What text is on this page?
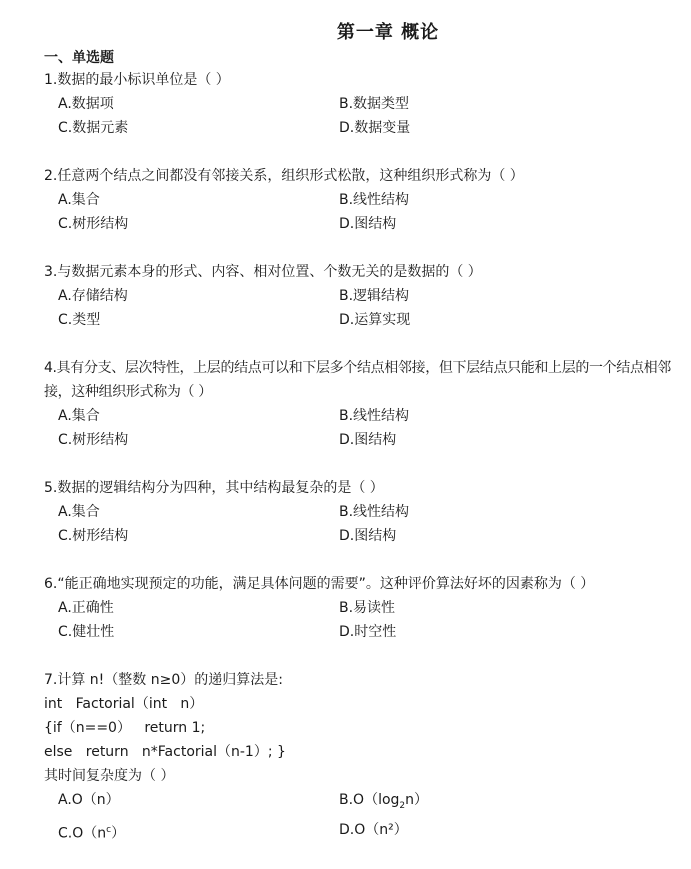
第一章 概论
一、单选题
1.数据的最小标识单位是（ ）
A.数据项	B.数据类型
C.数据元素	D.数据变量
2.任意两个结点之间都没有邻接关系，组织形式松散，这种组织形式称为（ ）
A.集合	B.线性结构
C.树形结构	D.图结构
3.与数据元素本身的形式、内容、相对位置、个数无关的是数据的（ ）
A.存储结构	B.逻辑结构
C.类型	D.运算实现
4.具有分支、层次特性，上层的结点可以和下层多个结点相邻接，但下层结点只能和上层的一个结点相邻接，这种组织形式称为（ ）
A.集合	B.线性结构
C.树形结构	D.图结构
5.数据的逻辑结构分为四种，其中结构最复杂的是（ ）
A.集合	B.线性结构
C.树形结构	D.图结构
6.“能正确地实现预定的功能，满足具体问题的需要”。这种评价算法好坏的因素称为（ ）
A.正确性	B.易读性
C.健壮性	D.时空性
7.计算 n!（整数 n≥0）的递归算法是:
int   Factorial（int   n）
{if（n==0）   return 1;
else   return   n*Factorial（n-1）; }
其时间复杂度为（ ）
A.O（n）	$B.O(\log_2n)$
$C.O(n^c)$	D.O（n²）
